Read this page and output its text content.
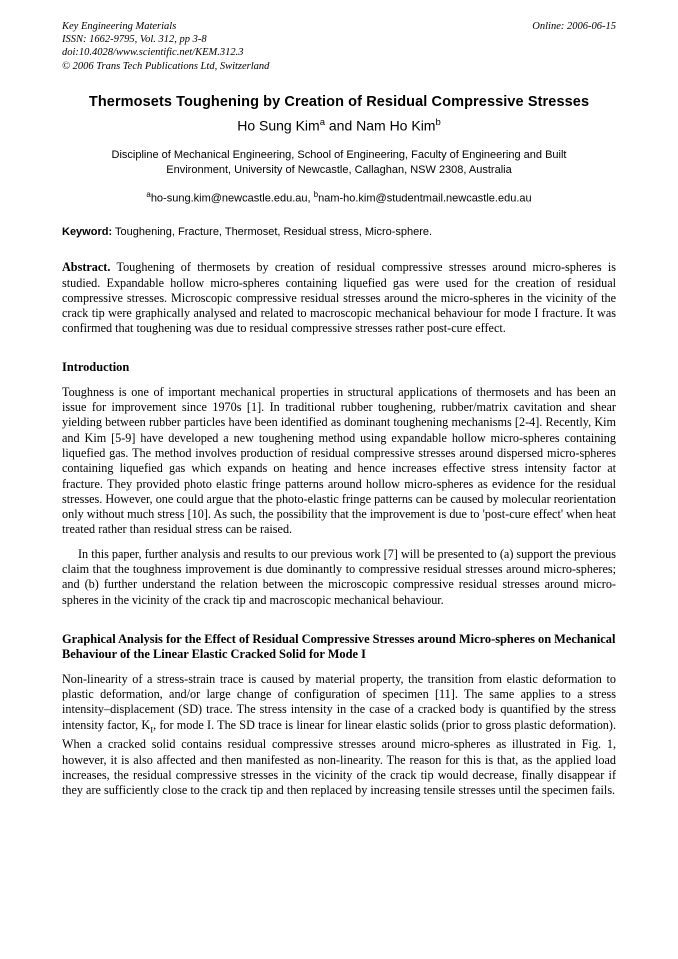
Key Engineering Materials
ISSN: 1662-9795, Vol. 312, pp 3-8
doi:10.4028/www.scientific.net/KEM.312.3
© 2006 Trans Tech Publications Ltd, Switzerland
Online: 2006-06-15
Thermosets Toughening by Creation of Residual Compressive Stresses
Ho Sung Kim$^a$ and Nam Ho Kim$^b$
Discipline of Mechanical Engineering, School of Engineering, Faculty of Engineering and Built Environment, University of Newcastle, Callaghan, NSW 2308, Australia
$^a$ho-sung.kim@newcastle.edu.au, $^b$nam-ho.kim@studentmail.newcastle.edu.au
Keyword: Toughening, Fracture, Thermoset, Residual stress, Micro-sphere.
Abstract. Toughening of thermosets by creation of residual compressive stresses around micro-spheres is studied. Expandable hollow micro-spheres containing liquefied gas were used for the creation of residual compressive stresses. Microscopic compressive residual stresses around the micro-spheres in the vicinity of the crack tip were graphically analysed and related to macroscopic mechanical behaviour for mode I fracture. It was confirmed that toughening was due to residual compressive stresses rather post-cure effect.
Introduction

Toughness is one of important mechanical properties in structural applications of thermosets and has been an issue for improvement since 1970s [1]. In traditional rubber toughening, rubber/matrix cavitation and shear yielding between rubber particles have been identified as dominant toughening mechanisms [2-4]. Recently, Kim and Kim [5-9] have developed a new toughening method using expandable hollow micro-spheres containing liquefied gas. The method involves production of residual compressive stresses around dispersed micro-spheres containing liquefied gas which expands on heating and hence increases effective stress intensity factor at fracture. They provided photo elastic fringe patterns around hollow micro-spheres as evidence for the residual stresses. However, one could argue that the photo-elastic fringe patterns can be caused by molecular reorientation only without much stress [10]. As such, the possibility that the improvement is due to 'post-cure effect' when heat treated rather than residual stress can be raised.

In this paper, further analysis and results to our previous work [7] will be presented to (a) support the previous claim that the toughness improvement is due dominantly to compressive residual stresses around micro-spheres; and (b) further understand the relation between the microscopic compressive residual stresses around micro-spheres in the vicinity of the crack tip and macroscopic mechanical behaviour.

Graphical Analysis for the Effect of Residual Compressive Stresses around Micro-spheres on Mechanical Behaviour of the Linear Elastic Cracked Solid for Mode I

Non-linearity of a stress-strain trace is caused by material property, the transition from elastic deformation to plastic deformation, and/or large change of configuration of specimen [11]. The same applies to a stress intensity–displacement (SD) trace. The stress intensity in the case of a cracked body is quantified by the stress intensity factor, $K_I$, for mode I. The SD trace is linear for linear elastic solids (prior to gross plastic deformation). When a cracked solid contains residual compressive stresses around micro-spheres as illustrated in Fig. 1, however, it is also affected and then manifested as non-linearity. The reason for this is that, as the applied load increases, the residual compressive stresses in the vicinity of the crack tip would decrease, finally disappear if they are sufficiently close to the crack tip and then replaced by increasing tensile stresses until the specimen fails.
